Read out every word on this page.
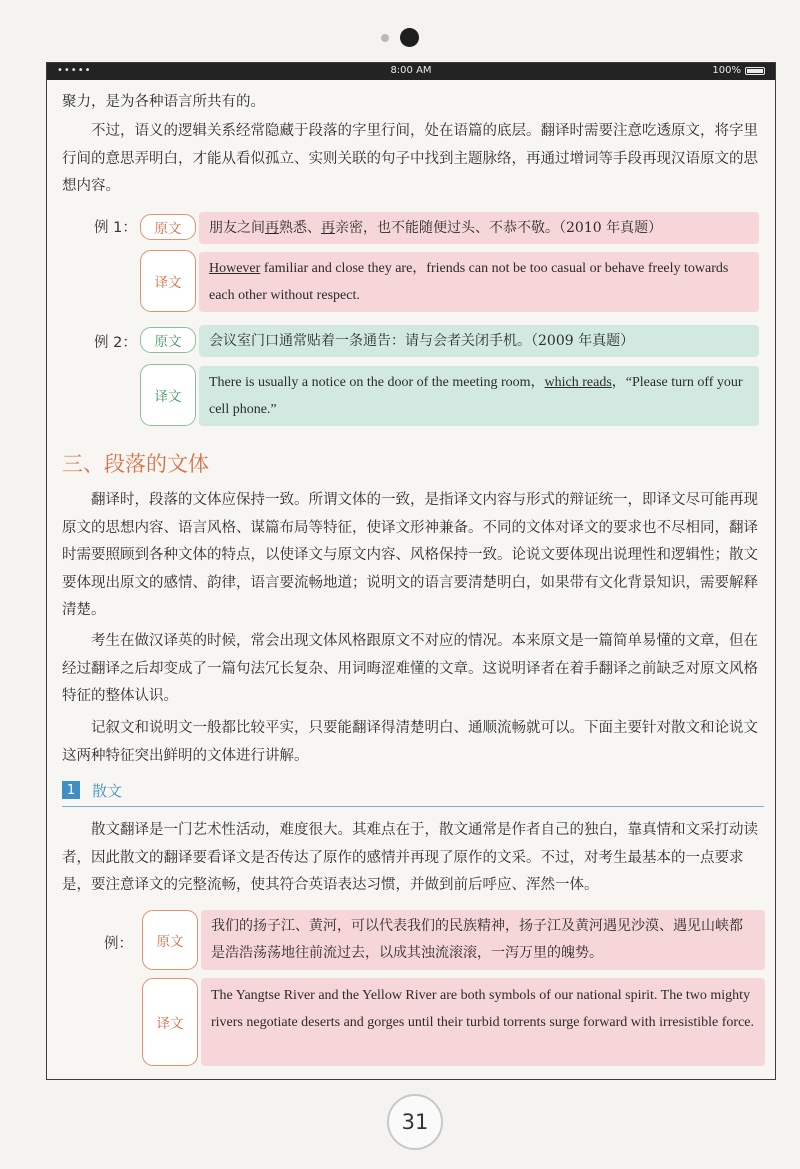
•••••	8:00 AM	100%

聚力，是为各种语言所共有的。

不过，语义的逻辑关系经常隐藏于段落的字里行间，处在语篇的底层。翻译时需要注意吃透原文，将字里行间的意思弄明白，才能从看似孤立、实则关联的句子中找到主题脉络，再通过增词等手段再现汉语原文的思想内容。

例 1：	原文	朋友之间再熟悉、再亲密，也不能随便过头、不恭不敬。（2010 年真题）
译文
However familiar and close they are，friends can not be too casual or behave freely towards each other without respect.
例 2：	原文	会议室门口通常贴着一条通告：请与会者关闭手机。（2009 年真题）
译文
There is usually a notice on the door of the meeting room，which reads，“Please turn off your cell phone.”
三、段落的文体

翻译时，段落的文体应保持一致。所谓文体的一致，是指译文内容与形式的辩证统一，即译文尽可能再现原文的思想内容、语言风格、谋篇布局等特征，使译文形神兼备。不同的文体对译文的要求也不尽相同，翻译时需要照顾到各种文体的特点，以使译文与原文内容、风格保持一致。论说文要体现出说理性和逻辑性；散文要体现出原文的感情、韵律，语言要流畅地道；说明文的语言要清楚明白，如果带有文化背景知识，需要解释清楚。

考生在做汉译英的时候，常会出现文体风格跟原文不对应的情况。本来原文是一篇简单易懂的文章，但在经过翻译之后却变成了一篇句法冗长复杂、用词晦涩难懂的文章。这说明译者在着手翻译之前缺乏对原文风格特征的整体认识。

记叙文和说明文一般都比较平实，只要能翻译得清楚明白、通顺流畅就可以。下面主要针对散文和论说文这两种特征突出鲜明的文体进行讲解。

1	散文

散文翻译是一门艺术性活动，难度很大。其难点在于，散文通常是作者自己的独白，靠真情和文采打动读者，因此散文的翻译要看译文是否传达了原作的感情并再现了原作的文采。不过，对考生最基本的一点要求是，要注意译文的完整流畅，使其符合英语表达习惯，并做到前后呼应、浑然一体。

例：	原文
我们的扬子江、黄河，可以代表我们的民族精神，扬子江及黄河遇见沙漠、遇见山峡都是浩浩荡荡地往前流过去，以成其浊流滚滚，一泻万里的魄势。
译文
The Yangtse River and the Yellow River are both symbols of our national spirit. The two mighty rivers negotiate deserts and gorges until their turbid torrents surge forward with irresistible force.
31
